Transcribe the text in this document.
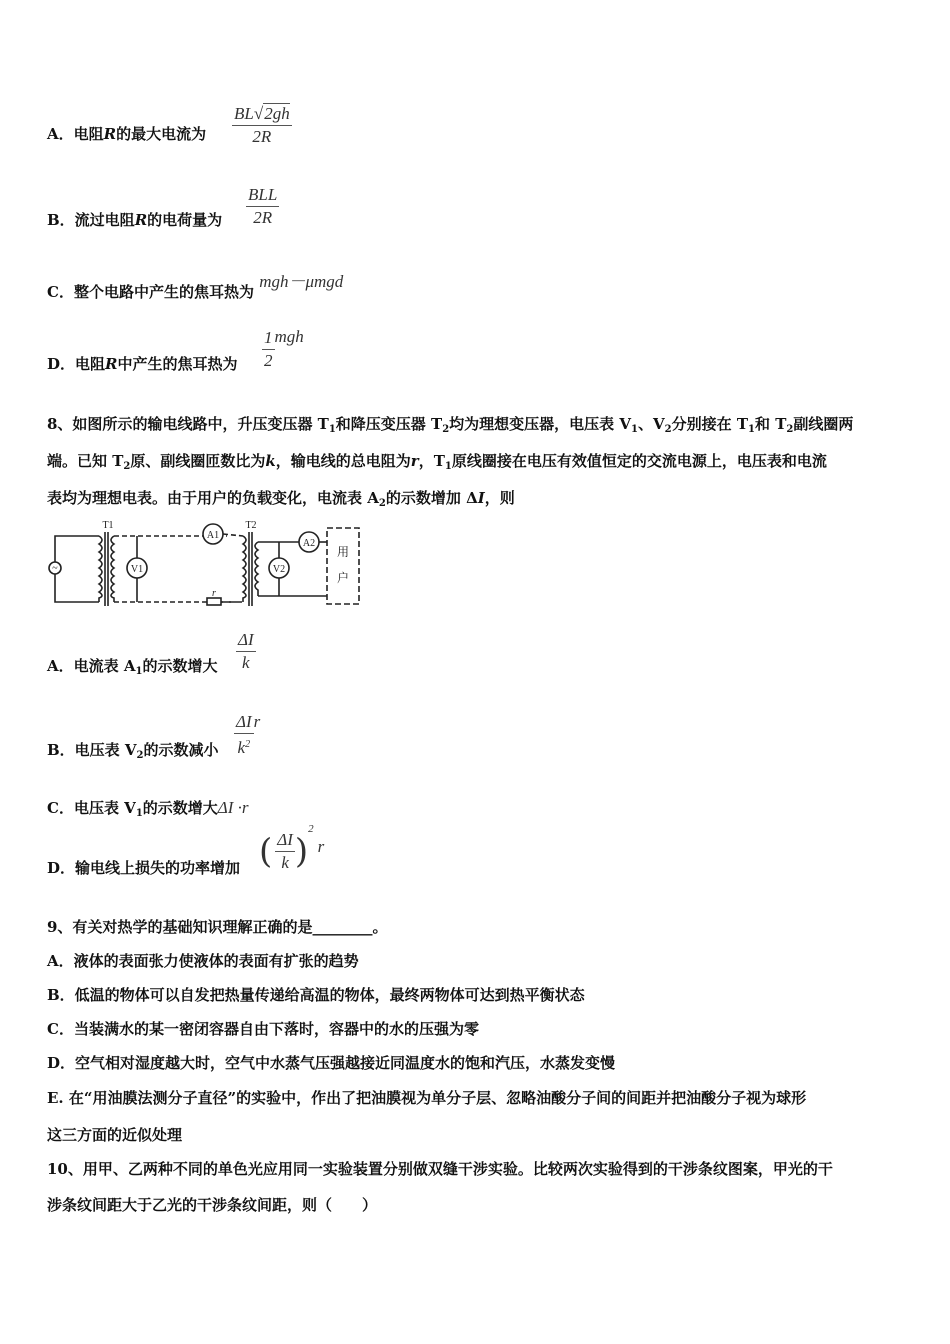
A．电阻R的最大电流为 $\frac{BL√2gh}{2R}$
B．流过电阻R的电荷量为
BLL
2R
C．整个电路中产生的焦耳热为 mgh－μmgd
D．电阻R中产生的焦耳热为 $\frac{1}{2}$ mgh
8、如图所示的输电线路中，升压变压器 $T_1$和降压变压器 $T_2$均为理想变压器，电压表 $V_1$、$V_2$分别接在 $T_1$和 $T_2$副线圈两
端。已知 $T_2$原、副线圈匝数比为k，输电线的总电阻为r，$T_1$原线圈接在电压有效值恒定的交流电源上，电压表和电流
表均为理想电表。由于用户的负载变化，电流表 $A_2$的示数增加 ΔI，则
~
T1	T2
V1
A1
V2
A2
r
用
户
A．电流表 $A_1$的示数增大 $\frac{\Delta I}{k}$
B．电压表 $V_2$的示数减小 $\frac{\Delta I}{k^2}$ r
C．电压表 $V_1$的示数增大ΔI ·r
D．输电线上损失的功率增加 ( $\frac{\Delta I}{k} )^2r$
9、有关对热学的基础知识理解正确的是________。
A．液体的表面张力使液体的表面有扩张的趋势
B．低温的物体可以自发把热量传递给高温的物体，最终两物体可达到热平衡状态
C．当装满水的某一密闭容器自由下落时，容器中的水的压强为零
D．空气相对湿度越大时，空气中水蒸气压强越接近同温度水的饱和汽压，水蒸发变慢
E. 在“用油膜法测分子直径”的实验中，作出了把油膜视为单分子层、忽略油酸分子间的间距并把油酸分子视为球形
这三方面的近似处理
10、用甲、乙两种不同的单色光应用同一实验装置分别做双缝干涉实验。比较两次实验得到的干涉条纹图案，甲光的干
涉条纹间距大于乙光的干涉条纹间距，则（　　）
